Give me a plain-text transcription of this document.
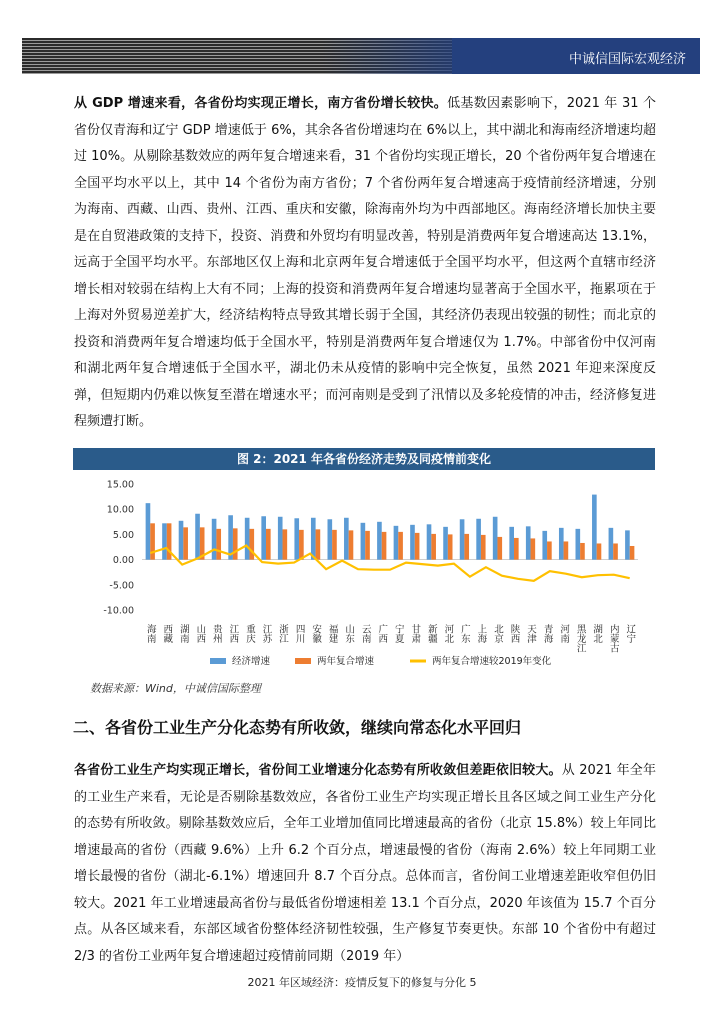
中诚信国际宏观经济

从 GDP 增速来看，各省份均实现正增长，南方省份增长较快。低基数因素影响下，2021 年 31 个省份仅青海和辽宁 GDP 增速低于 6%，其余各省份增速均在 6%以上，其中湖北和海南经济增速均超过 10%。从剔除基数效应的两年复合增速来看，31 个省份均实现正增长，20 个省份两年复合增速在全国平均水平以上，其中 14 个省份为南方省份；7 个省份两年复合增速高于疫情前经济增速，分别为海南、西藏、山西、贵州、江西、重庆和安徽，除海南外均为中西部地区。海南经济增长加快主要是在自贸港政策的支持下，投资、消费和外贸均有明显改善，特别是消费两年复合增速高达 13.1%，远高于全国平均水平。东部地区仅上海和北京两年复合增速低于全国平均水平，但这两个直辖市经济增长相对较弱在结构上大有不同；上海的投资和消费两年复合增速均显著高于全国水平，拖累项在于上海对外贸易逆差扩大，经济结构特点导致其增长弱于全国，其经济仍表现出较强的韧性；而北京的投资和消费两年复合增速均低于全国水平，特别是消费两年复合增速仅为 1.7%。中部省份中仅河南和湖北两年复合增速低于全国水平，湖北仍未从疫情的影响中完全恢复，虽然 2021 年迎来深度反弹，但短期内仍难以恢复至潜在增速水平；而河南则是受到了汛情以及多轮疫情的冲击，经济修复进程频遭打断。

图 2：2021 年各省份经济走势及同疫情前变化
15.00
10.00
5.00
0.00
-5.00
-10.00
海南 西藏 湖南 山西 贵州 江西 重庆 江苏 浙江 四川 安徽 福建 山东 云南 广西 宁夏 甘肃 新疆 河北 广东 上海 北京 陕西 天津 青海 河南 黑龙江 湖北 内蒙古 辽宁
经济增速	两年复合增速	两年复合增速较2019年变化
数据来源：Wind，中诚信国际整理
二、各省份工业生产分化态势有所收敛，继续向常态化水平回归

各省份工业生产均实现正增长，省份间工业增速分化态势有所收敛但差距依旧较大。从 2021 年全年的工业生产来看，无论是否剔除基数效应，各省份工业生产均实现正增长且各区域之间工业生产分化的态势有所收敛。剔除基数效应后，全年工业增加值同比增速最高的省份（北京 15.8%）较上年同比增速最高的省份（西藏 9.6%）上升 6.2 个百分点，增速最慢的省份（海南 2.6%）较上年同期工业增长最慢的省份（湖北-6.1%）增速回升 8.7 个百分点。总体而言，省份间工业增速差距收窄但仍旧较大。2021 年工业增速最高省份与最低省份增速相差 13.1 个百分点，2020 年该值为 15.7 个百分点。从各区域来看，东部区域省份整体经济韧性较强，生产修复节奏更快。东部 10 个省份中有超过 2/3 的省份工业两年复合增速超过疫情前同期（2019 年）

2021 年区域经济：疫情反复下的修复与分化 5
